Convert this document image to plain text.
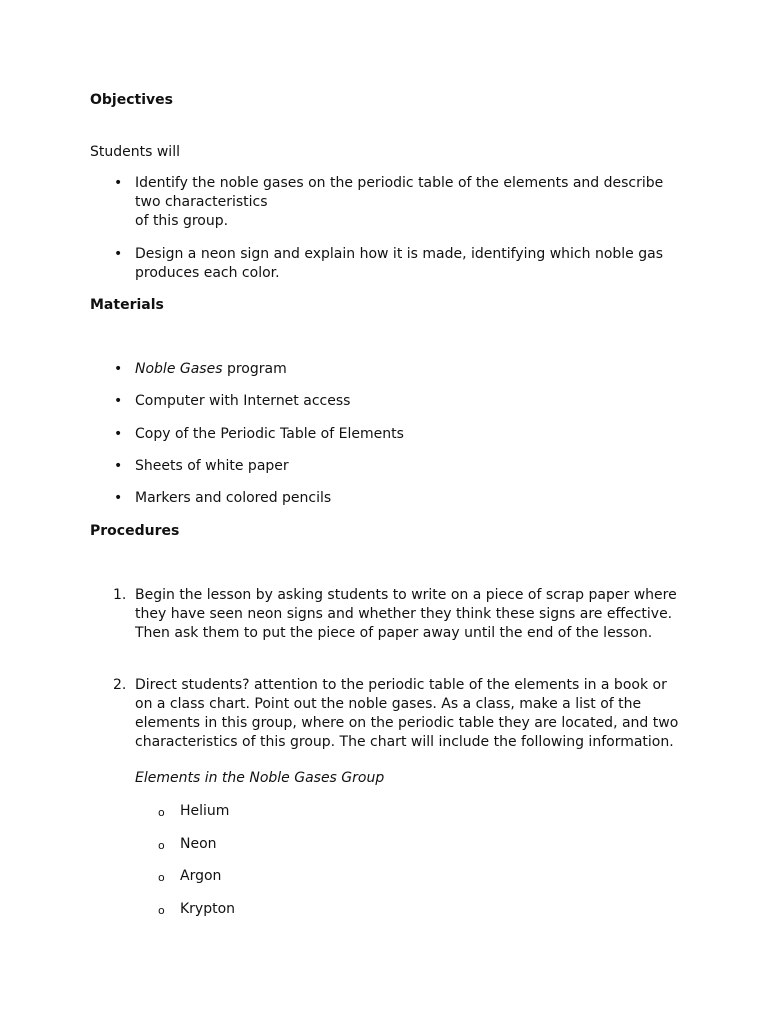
Objectives
Students will
• Identify the noble gases on the periodic table of the elements and describe
two characteristics
of this group.
• Design a neon sign and explain how it is made, identifying which noble gas
produces each color.
Materials
• Noble Gases program
• Computer with Internet access
• Copy of the Periodic Table of Elements
• Sheets of white paper
• Markers and colored pencils
Procedures
1. Begin the lesson by asking students to write on a piece of scrap paper where
they have seen neon signs and whether they think these signs are effective.
Then ask them to put the piece of paper away until the end of the lesson.
2. Direct students? attention to the periodic table of the elements in a book or
on a class chart. Point out the noble gases. As a class, make a list of the
elements in this group, where on the periodic table they are located, and two
characteristics of this group. The chart will include the following information.
Elements in the Noble Gases Group
o Helium
o Neon
o Argon
o Krypton
